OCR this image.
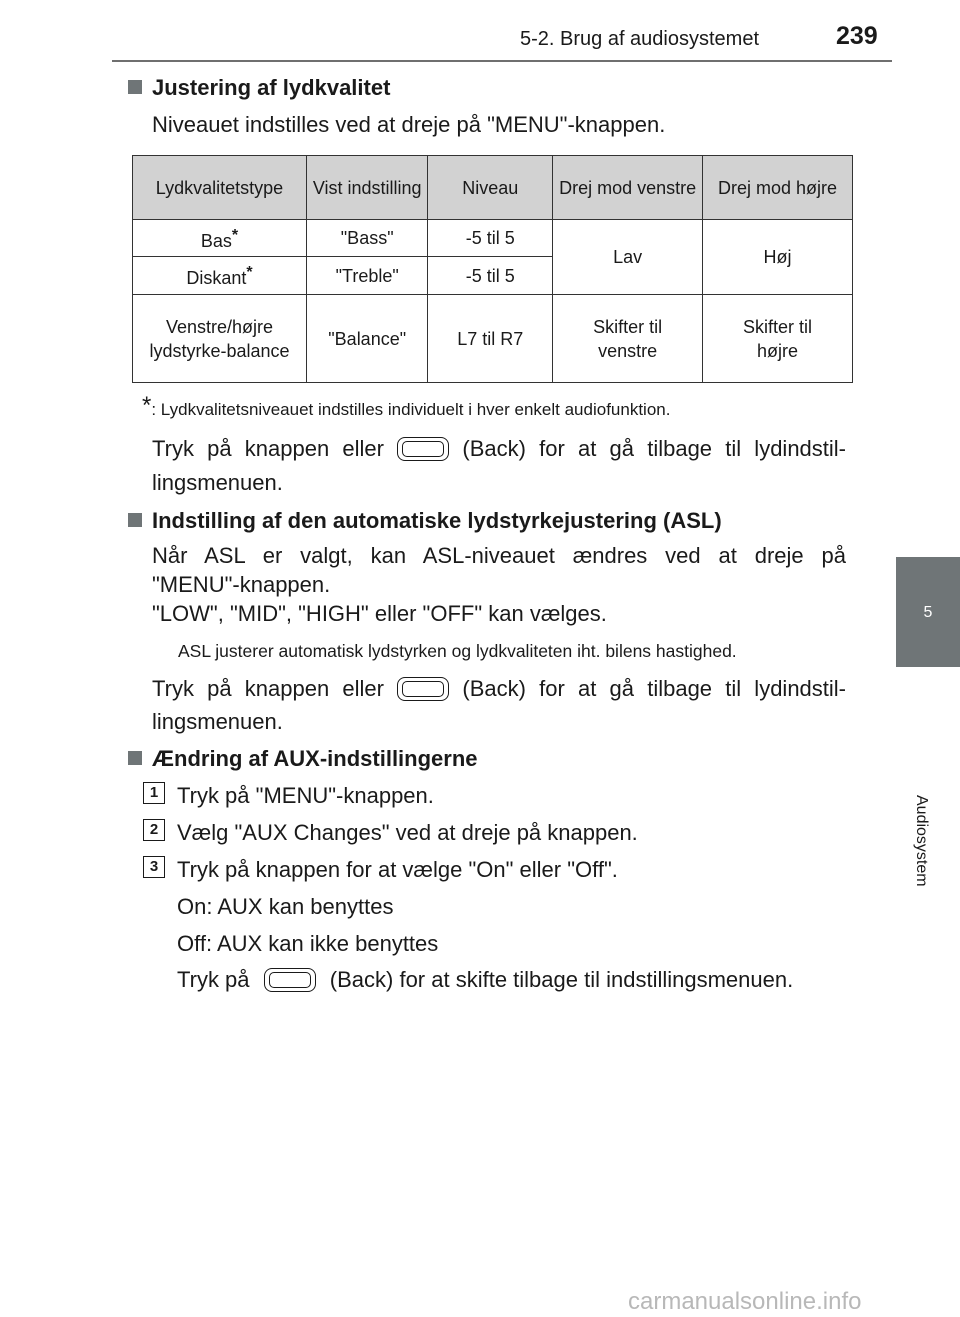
5-2. Brug af audiosystemet	239
5
Audiosystem
Justering af lydkvalitet
Niveauet indstilles ved at dreje på "MENU"-knappen.
Lydkvalitetstype	Vist indstilling	Niveau	Drej mod venstre	Drej mod højre
Bas*	"Bass"	-5 til 5	Lav	Høj
Diskant*	"Treble"	-5 til 5		
Venstre/højre lydstyrke-balance	"Balance"	L7 til R7	Skifter til venstre	Skifter til højre
*: Lydkvalitetsniveauet indstilles individuelt i hver enkelt audiofunktion.
Tryk på knappen eller	(Back) for at gå tilbage til lydindstil-
lingsmenuen.
Indstilling af den automatiske lydstyrkejustering (ASL)
Når ASL er valgt, kan ASL-niveauet ændres ved at dreje på
"MENU"-knappen.
"LOW", "MID", "HIGH" eller "OFF" kan vælges.
ASL justerer automatisk lydstyrken og lydkvaliteten iht. bilens hastighed.
Tryk på knappen eller	(Back) for at gå tilbage til lydindstil-
lingsmenuen.
Ændring af AUX-indstillingerne
1 Tryk på "MENU"-knappen.
2 Vælg "AUX Changes" ved at dreje på knappen.
3 Tryk på knappen for at vælge "On" eller "Off".
On: AUX kan benyttes
Off: AUX kan ikke benyttes
Tryk på	(Back) for at skifte tilbage til indstillingsmenuen.
carmanualsonline.info
